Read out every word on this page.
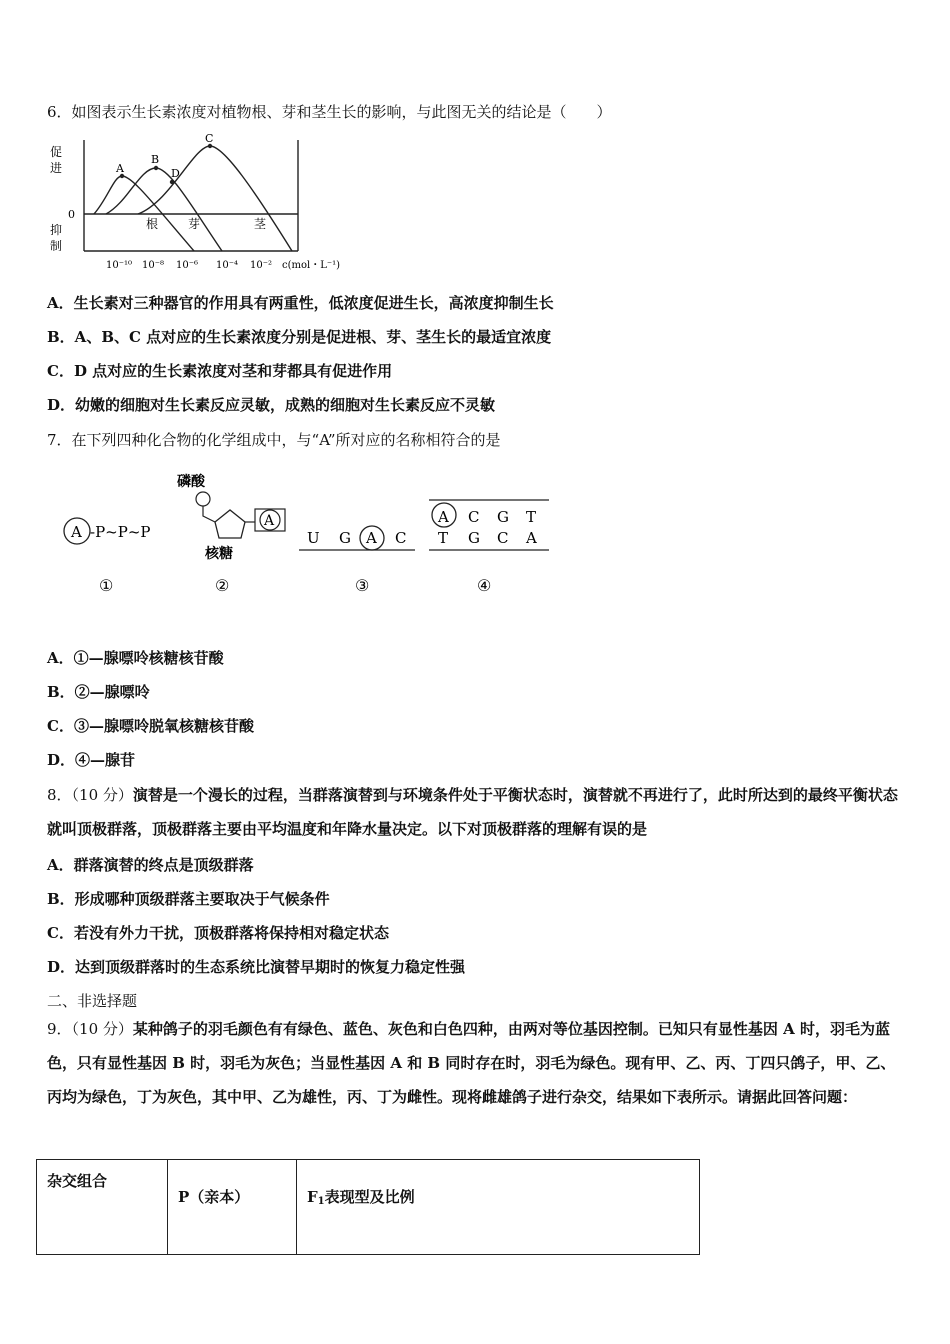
6．如图表示生长素浓度对植物根、芽和茎生长的影响，与此图无关的结论是（　　）
A
B
C
D
促
进
0
抑
制
根 芽	茎
10⁻¹⁰ 10⁻⁸ 10⁻⁶ 10⁻⁴ 10⁻² c(mol・L⁻¹)
A．生长素对三种器官的作用具有两重性，低浓度促进生长，高浓度抑制生长
B．A、B、C 点对应的生长素浓度分别是促进根、芽、茎生长的最适宜浓度
C．D 点对应的生长素浓度对茎和芽都具有促进作用
D．幼嫩的细胞对生长素反应灵敏，成熟的细胞对生长素反应不灵敏
7．在下列四种化合物的化学组成中，与“A”所对应的名称相符合的是
A -P~P~P
①
磷酸
A
核糖
②
U G A C
③
A C G T
T G C A
④
A．①—腺嘌呤核糖核苷酸
B．②—腺嘌呤
C．③—腺嘌呤脱氧核糖核苷酸
D．④—腺苷
8．（10 分）演替是一个漫长的过程，当群落演替到与环境条件处于平衡状态时，演替就不再进行了，此时所达到的最终平衡状态就叫顶极群落，顶极群落主要由平均温度和年降水量决定。以下对顶极群落的理解有误的是
A．群落演替的终点是顶级群落
B．形成哪种顶级群落主要取决于气候条件
C．若没有外力干扰，顶极群落将保持相对稳定状态
D．达到顶级群落时的生态系统比演替早期时的恢复力稳定性强
二、非选择题
9．（10 分）某种鸽子的羽毛颜色有有绿色、蓝色、灰色和白色四种，由两对等位基因控制。已知只有显性基因 A 时，羽毛为蓝色，只有显性基因 B 时，羽毛为灰色；当显性基因 A 和 B 同时存在时，羽毛为绿色。现有甲、乙、丙、丁四只鸽子，甲、乙、丙均为绿色，丁为灰色，其中甲、乙为雄性，丙、丁为雌性。现将雌雄鸽子进行杂交，结果如下表所示。请据此回答问题：
杂交组合	P（亲本）	$F_1$表现型及比例
